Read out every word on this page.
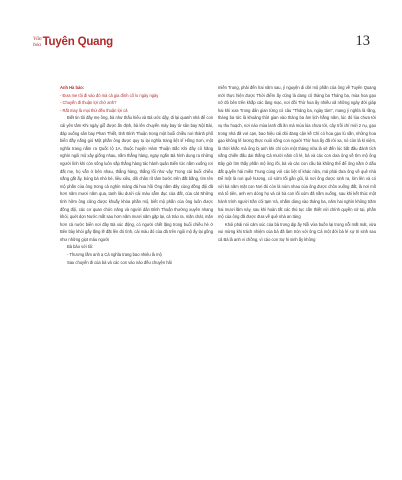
Văn
hóa Tuyên Quang	13

Anh Hà bảo:

- Đưa me tôi đi vào đó mà cả gia đình cố lo ngày ngày

- Chuyến đi thuận lợi chớ anh?

- Rất may là mọi thứ đều thuận lợi cả

Biết tin tôi đây mẹ ông, bà như thấu hiểu và Bà ước dậy, đi lại quanh nhà để con cái yên tâm Khi ngày giỗ được ấn định, bà lên chuyến máy bay từ sân bay Nội Bài, đáp xuống sân bay Phan Thiết, tỉnh Bình Thuận trong một buổi chiều nơi thành phố biển đầy nắng gió Một phần ông được quy tụ lại nghĩa trang liệt sĩ Hồng Sơn, một nghĩa trang nằm ra Quốc lộ 1A, thuộc huyện Hàm Thuận Bắc Khi đây cô hăng nghìn ngôi mộ xây giống nhau, nằm thẳng hàng, ngay ngắn Bà hình dung ra những người lính khi còn sống luôn sắp thẳng hàng tác hành quân Biển tức nằm xuống rơi đất mẹ, họ vẫn ở bên nhau, thẳng hàng, thẳng lối như vậy Trong cái buổi chiều nắng gắt ấy, bóng bà nhỏ bé, liêu xiêu, dõi chân rõ tâm bước trên đất bằng, tìm tên mộ phần của ông trong cả nghìn mảng đá hoa hồi Ông nằm đây cùng đồng đội đã hơn năm mươi năm qua, tanh lâu dưới cái màu sẫm đục của đất, của cát Những tình hữm ông cũng được khuấy khỏa phần mộ, biết mộ phần của ông luôn được đồng đội, các cơ quan chức năng và người dân Bình Thuận thường xuyên nhang khói, quét dọn Nước mắt sau hơn năm mươi năm gặp lại, cả trào ra, mặn chát, mặn hơn cả nước biển nơi đây Bà xúc động, có người chết lặng trong buổi chiều hè ở Bên bày khói gấy lặng lẽ đặt lên đó tình, cái màu đỏ của đá trên ngôi mộ ấy lại gồng như những giọt máu người

Bà bảo với tôi:

- Thương lắm anh ạ Cả nghĩa trang bao nhiêu là mộ

Sau chuyến đi của bà và các con vào nào đều chuyện hãi

miền Trung, phải đến hai năm sau, ý nguyện di dời mộ phần của ông về Tuyên Quang mới thực hiện được Thời điểm ấy cũng là dang cô thàng ba Tháng ba, mùa hoa gạo nở đỏ bên trên khắp các làng mạc, nơi đồi Thờ hoa ấy nhiều xã những ngày đời giáp hai khi xưa Trong dân gian từng có câu "Tháng ba, ngày tám", mang ý nghĩa là rằng, tháng ba tức là khoảng thời gian vào tháng ba âm lịch hằng năm, lúc đó lúa chưa tới vụ thu hoạch, nơi nào mùa lanh đã ăn mà mùa lúa chưa tới, cây trồi chỉ mới 2 nụ, gạo trong nhà đã vơi cạn, bao hiệu cái đói đang cận kề Chỉ có hoa gạo lù sẵn, những hoa gạo không lẽ lương thực nuôi sống con người Thờ hoa ấy đã rời xa, nó còn là kỉ niệm, là thời khắc mà ông bị anh khi chỉ còn một tháng nữa là sẽ đến lúc bắt đầu đánh tích nắng chiến đấu dai thắng Cả mười năm cô lẻ, bà và các con dưa ông về tìm mộ ông Bây giờ tìm thấy phần mộ ông rồi, bà và các con cầu bà không thể để ông nằm ở dấu đất quyền hải miền Trung cùng với các liệt sĩ khác nữa, mả phải đưa ông về quê nhà Để một là nơi quê hương, có sớm tối gần gũi, là nơi ông được sinh ra, lớn lên và có với bà năm mặt con Nơi đó còn là núm nhau của ông được chôn xuống đất, là nơi mồ mả tổ tiên, anh em dòng họ và cả bà con lối xóm đã nằm xuống, sau khi kết thúc một hành trình người trần cõi tạm Và, nhằm dùng vào tháng ba, năm hai nghìn không trăm hai mươi lăm này, sau khi hoàn tất các thủ tục cần thiết với chính quyền sở tại, phần mộ của ông đã được đưa về quê nhà an táng

Khói phải nói cảm xúc của bà trong dịp ấy Nỗi vừa buồn lại trong nỗi mất mát, vừa vui mừng khi trách nhiệm của bà đã làm tròn với ông Cả một đời bà lẻ sự tri sinh sau cả Bà là anh vi chồng, vì cáo con Sự hi sinh ấy không
